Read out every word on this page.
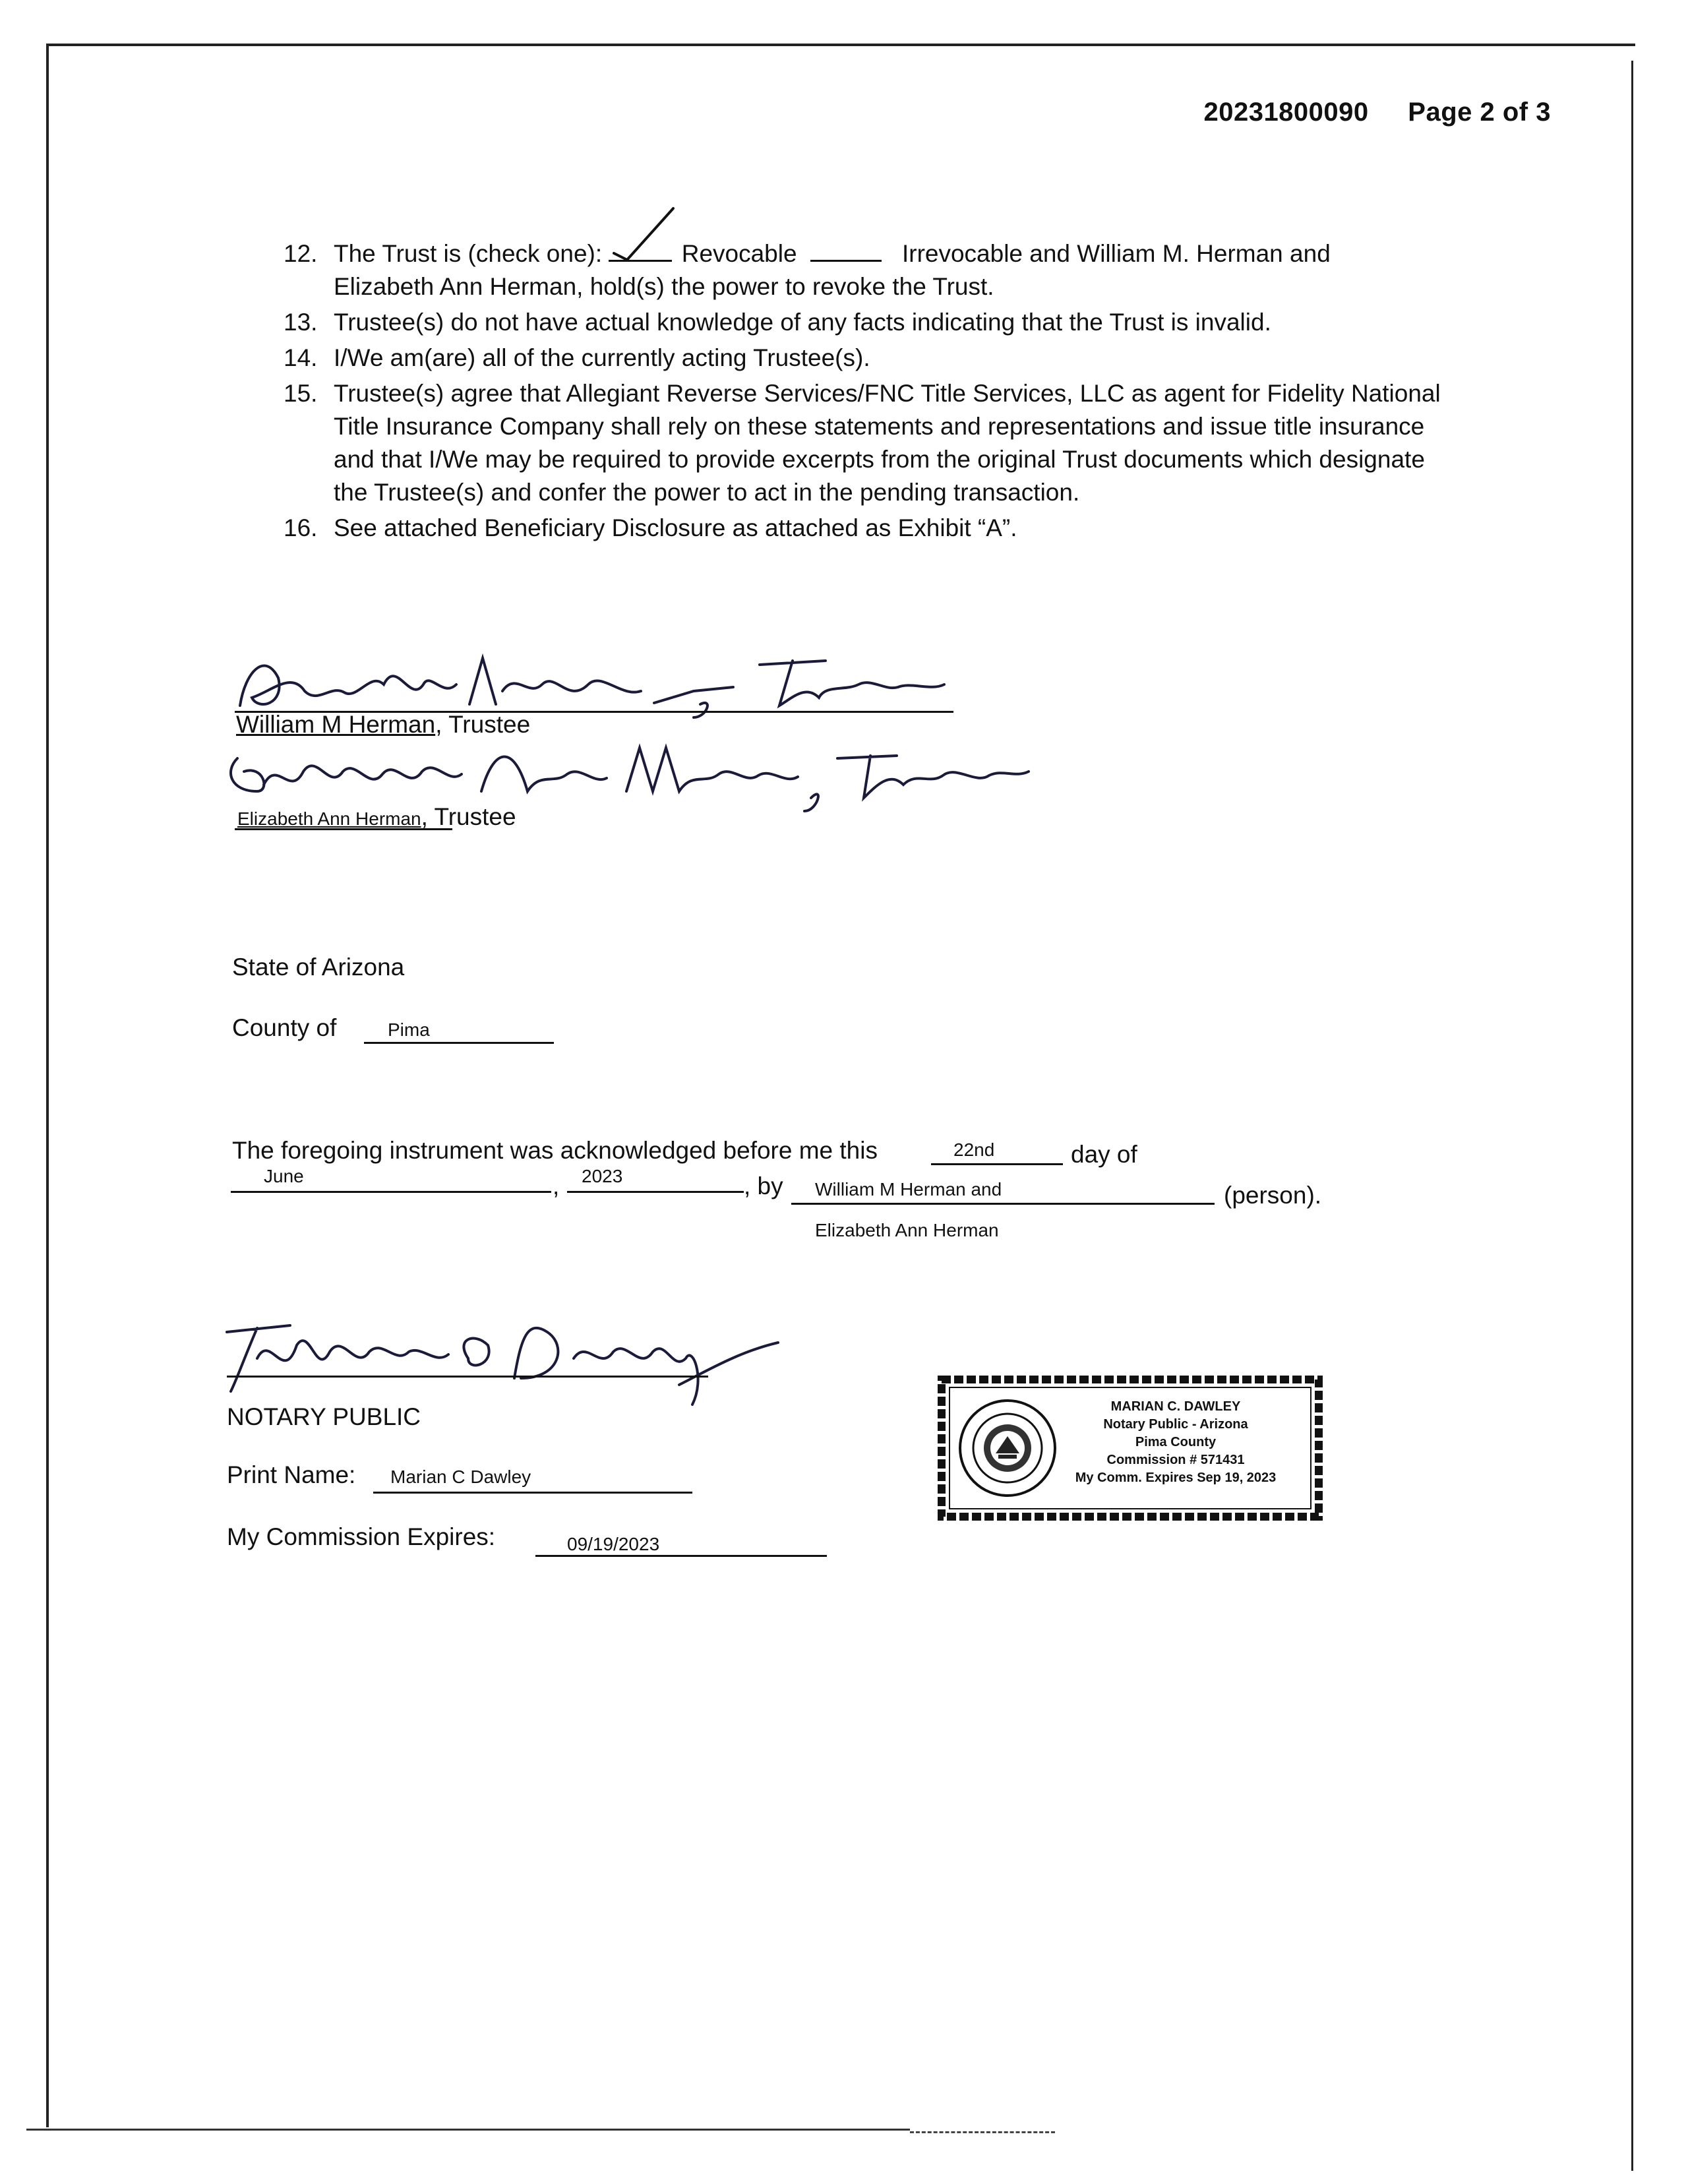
20231800090 Page 2 of 3
12. The Trust is (check one):	Revocable	Irrevocable and William M. Herman and
Elizabeth Ann Herman, hold(s) the power to revoke the Trust.
13. Trustee(s) do not have actual knowledge of any facts indicating that the Trust is invalid.
14. I/We am(are) all of the currently acting Trustee(s).
15. Trustee(s) agree that Allegiant Reverse Services/FNC Title Services, LLC as agent for Fidelity National Title Insurance Company shall rely on these statements and representations and issue title insurance and that I/We may be required to provide excerpts from the original Trust documents which designate the Trustee(s) and confer the power to act in the pending transaction.
16. See attached Beneficiary Disclosure as attached as Exhibit “A”.
William M Herman, Trustee
Elizabeth Ann Herman, Trustee
State of Arizona
County of	Pima
The foregoing instrument was acknowledged before me this	22nd	day of
June	, 2023	, by William M Herman and	(person).
Elizabeth Ann Herman
NOTARY PUBLIC
Print Name: Marian C Dawley
My Commission Expires:	09/19/2023
MARIAN C. DAWLEY
Notary Public - Arizona
Pima County
Commission # 571431
My Comm. Expires Sep 19, 2023
